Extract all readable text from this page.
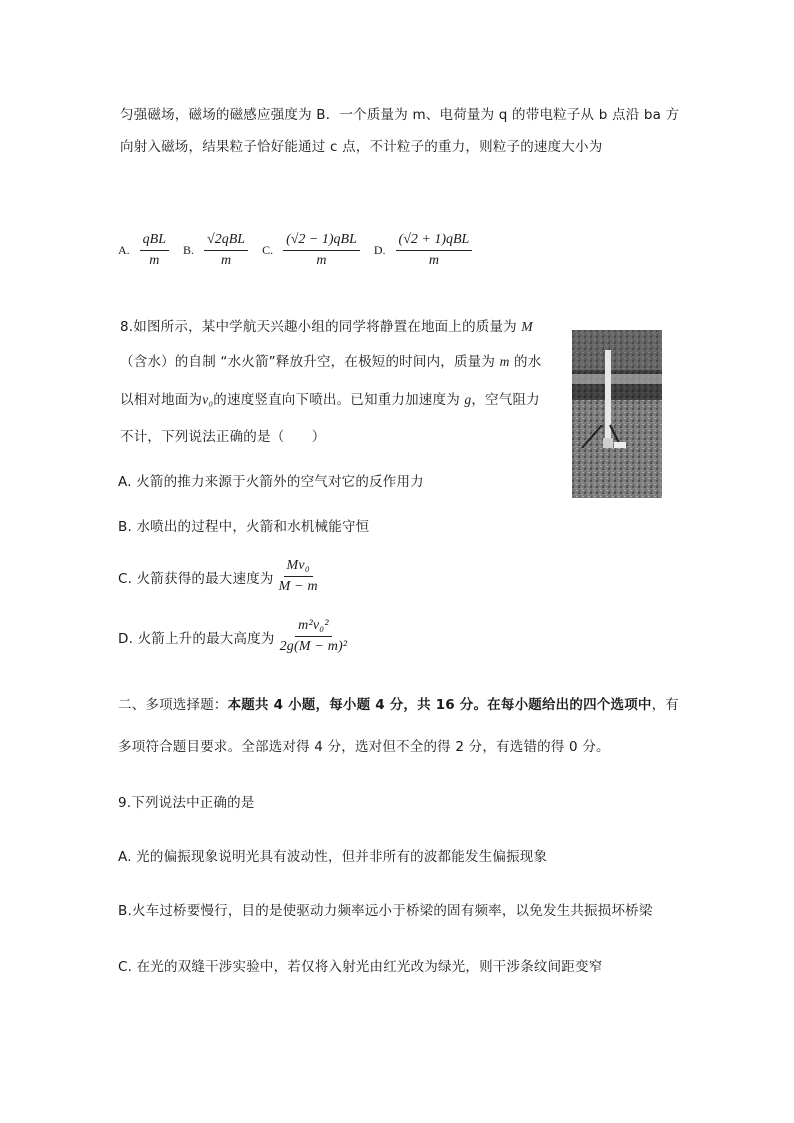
匀强磁场，磁场的磁感应强度为 B．一个质量为 m、电荷量为 q 的带电粒子从 b 点沿 ba 方
向射入磁场，结果粒子恰好能通过 c 点，不计粒子的重力，则粒子的速度大小为
A. $\frac{\text{qBL}}{m} B$. $\frac{\text{√2qBL}}{m} C$. $\frac{\text{(√2 − 1)qBL}}{m} D$. $\frac{\text{(√2 + 1)qBL}}{m}$
8.如图所示，某中学航天兴趣小组的同学将静置在地面上的质量为 M
（含水）的自制 “水火箭”释放升空，在极短的时间内，质量为 m 的水
以相对地面为v₀的速度竖直向下喷出。已知重力加速度为 g，空气阻力
不计，下列说法正确的是（　　）
A. 火箭的推力来源于火箭外的空气对它的反作用力
B. 水喷出的过程中，火箭和水机械能守恒
C. 火箭获得的最大速度为 $\frac{\text{Mv₀}}{M - m}$
D. 火箭上升的最大高度为 $\frac{\text{m²v₀²}}{\text{2g(M − m)²}}$
二、多项选择题：本题共 4 小题，每小题 4 分，共 16 分。在每小题给出的四个选项中，有
多项符合题目要求。全部选对得 4 分，选对但不全的得 2 分，有选错的得 0 分。
9.下列说法中正确的是
A. 光的偏振现象说明光具有波动性，但并非所有的波都能发生偏振现象
B.火车过桥要慢行，目的是使驱动力频率远小于桥梁的固有频率，以免发生共振损坏桥梁
C. 在光的双缝干涉实验中，若仅将入射光由红光改为绿光，则干涉条纹间距变窄
